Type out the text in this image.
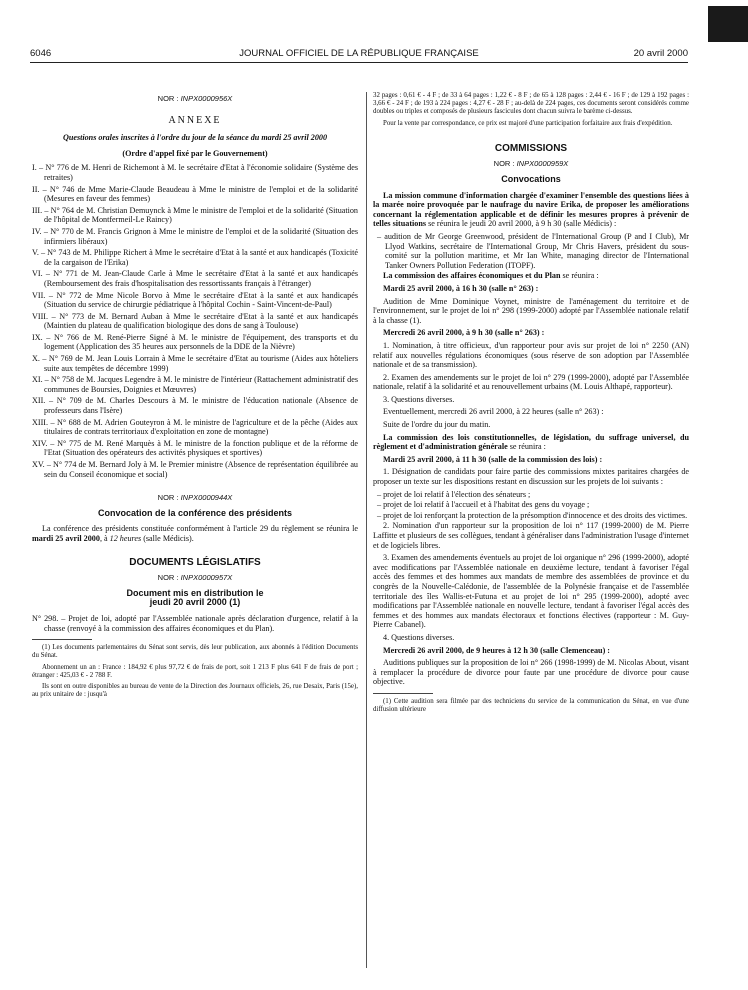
6046	JOURNAL OFFICIEL DE LA RÉPUBLIQUE FRANÇAISE	20 avril 2000
NOR : INPX0000956X
ANNEXE

Questions orales inscrites à l'ordre du jour de la séance du mardi 25 avril 2000

(Ordre d'appel fixé par le Gouvernement)

I. – N° 776 de M. Henri de Richemont à M. le secrétaire d'Etat à l'économie solidaire (Système des retraites)

II. – N° 746 de Mme Marie-Claude Beaudeau à Mme le ministre de l'emploi et de la solidarité (Mesures en faveur des femmes)

III. – N° 764 de M. Christian Demuynck à Mme le ministre de l'emploi et de la solidarité (Situation de l'hôpital de Montfermeil-Le Raincy)

IV. – N° 770 de M. Francis Grignon à Mme le ministre de l'emploi et de la solidarité (Situation des infirmiers libéraux)

V. – N° 743 de M. Philippe Richert à Mme le secrétaire d'Etat à la santé et aux handicapés (Toxicité de la cargaison de l'Erika)

VI. – N° 771 de M. Jean-Claude Carle à Mme le secrétaire d'Etat à la santé et aux handicapés (Remboursement des frais d'hospitalisation des ressortissants français à l'étranger)

VII. – N° 772 de Mme Nicole Borvo à Mme le secrétaire d'Etat à la santé et aux handicapés (Situation du service de chirurgie pédiatrique à l'hôpital Cochin - Saint-Vincent-de-Paul)

VIII. – N° 773 de M. Bernard Auban à Mme le secrétaire d'Etat à la santé et aux handicapés (Maintien du plateau de qualification biologique des dons de sang à Toulouse)

IX. – N° 766 de M. René-Pierre Signé à M. le ministre de l'équipement, des transports et du logement (Application des 35 heures aux personnels de la DDE de la Nièvre)

X. – N° 769 de M. Jean Louis Lorrain à Mme le secrétaire d'Etat au tourisme (Aides aux hôteliers suite aux tempêtes de décembre 1999)

XI. – N° 758 de M. Jacques Legendre à M. le ministre de l'intérieur (Rattachement administratif des communes de Boursies, Doignies et Mœuvres)

XII. – N° 709 de M. Charles Descours à M. le ministre de l'éducation nationale (Absence de professeurs dans l'Isère)

XIII. – N° 688 de M. Adrien Gouteyron à M. le ministre de l'agriculture et de la pêche (Aides aux titulaires de contrats territoriaux d'exploitation en zone de montagne)

XIV. – N° 775 de M. René Marquès à M. le ministre de la fonction publique et de la réforme de l'Etat (Situation des opérateurs des activités physiques et sportives)

XV. – N° 774 de M. Bernard Joly à M. le Premier ministre (Absence de représentation équilibrée au sein du Conseil économique et social)

NOR : INPX0000944X
Convocation de la conférence des présidents

La conférence des présidents constituée conformément à l'article 29 du règlement se réunira le mardi 25 avril 2000, à 12 heures (salle Médicis).

DOCUMENTS LÉGISLATIFS
NOR : INPX0000957X
Document mis en distribution le jeudi 20 avril 2000 (1)

N° 298. – Projet de loi, adopté par l'Assemblée nationale après déclaration d'urgence, relatif à la chasse (renvoyé à la commission des affaires économiques et du Plan).

(1) Les documents parlementaires du Sénat sont servis, dès leur publication, aux abonnés à l'édition Documents du Sénat.

Abonnement un an : France : 184,92 € plus 97,72 € de frais de port, soit 1 213 F plus 641 F de frais de port ; étranger : 425,03 € - 2 788 F.

Ils sont en outre disponibles au bureau de vente de la Direction des Journaux officiels, 26, rue Desaix, Paris (15e), au prix unitaire de : jusqu'à

32 pages : 0,61 € - 4 F ; de 33 à 64 pages : 1,22 € - 8 F ; de 65 à 128 pages : 2,44 € - 16 F ; de 129 à 192 pages : 3,66 € - 24 F ; de 193 à 224 pages : 4,27 € - 28 F ; au-delà de 224 pages, ces documents seront considérés comme doubles ou triples et composés de plusieurs fascicules dont chacun suivra le barème ci-dessus.

Pour la vente par correspondance, ce prix est majoré d'une participation forfaitaire aux frais d'expédition.

COMMISSIONS
NOR : INPX0000959X
Convocations

La mission commune d'information chargée d'examiner l'ensemble des questions liées à la marée noire provoquée par le naufrage du navire Erika, de proposer les améliorations concernant la réglementation applicable et de définir les mesures propres à prévenir de telles situations se réunira le jeudi 20 avril 2000, à 9 h 30 (salle Médicis) :

– audition de Mr George Greenwood, président de l'International Group (P and I Club), Mr Llyod Watkins, secrétaire de l'International Group, Mr Chris Havers, président du sous-comité sur la pollution maritime, et Mr Ian White, managing director de l'International Tanker Owners Pollution Federation (ITOPF).

La commission des affaires économiques et du Plan se réunira :

Mardi 25 avril 2000, à 16 h 30 (salle n° 263) :

Audition de Mme Dominique Voynet, ministre de l'aménagement du territoire et de l'environnement, sur le projet de loi n° 298 (1999-2000) adopté par l'Assemblée nationale relatif à la chasse (1).

Mercredi 26 avril 2000, à 9 h 30 (salle n° 263) :

1. Nomination, à titre officieux, d'un rapporteur pour avis sur projet de loi n° 2250 (AN) relatif aux nouvelles régulations économiques (sous réserve de son adoption par l'Assemblée nationale et de sa transmission).

2. Examen des amendements sur le projet de loi n° 279 (1999-2000), adopté par l'Assemblée nationale, relatif à la solidarité et au renouvellement urbains (M. Louis Althapé, rapporteur).

3. Questions diverses.

Eventuellement, mercredi 26 avril 2000, à 22 heures (salle n° 263) :

Suite de l'ordre du jour du matin.

La commission des lois constitutionnelles, de législation, du suffrage universel, du règlement et d'administration générale se réunira :

Mardi 25 avril 2000, à 11 h 30 (salle de la commission des lois) :

1. Désignation de candidats pour faire partie des commissions mixtes paritaires chargées de proposer un texte sur les dispositions restant en discussion sur les projets de loi suivants :

– projet de loi relatif à l'élection des sénateurs ;

– projet de loi relatif à l'accueil et à l'habitat des gens du voyage ;

– projet de loi renforçant la protection de la présomption d'innocence et des droits des victimes.

2. Nomination d'un rapporteur sur la proposition de loi n° 117 (1999-2000) de M. Pierre Laffitte et plusieurs de ses collègues, tendant à généraliser dans l'administration l'usage d'internet et de logiciels libres.

3. Examen des amendements éventuels au projet de loi organique n° 296 (1999-2000), adopté avec modifications par l'Assemblée nationale en deuxième lecture, tendant à favoriser l'égal accès des femmes et des hommes aux mandats de membre des assemblées de province et du congrès de la Nouvelle-Calédonie, de l'assemblée de la Polynésie française et de l'assemblée territoriale des îles Wallis-et-Futuna et au projet de loi n° 295 (1999-2000), adopté avec modifications par l'Assemblée nationale en nouvelle lecture, tendant à favoriser l'égal accès des femmes et des hommes aux mandats électoraux et fonctions électives (rapporteur : M. Guy-Pierre Cabanel).

4. Questions diverses.

Mercredi 26 avril 2000, de 9 heures à 12 h 30 (salle Clemenceau) :

Auditions publiques sur la proposition de loi n° 266 (1998-1999) de M. Nicolas About, visant à remplacer la procédure de divorce pour faute par une procédure de divorce pour cause objective.

(1) Cette audition sera filmée par des techniciens du service de la communication du Sénat, en vue d'une diffusion ultérieure
